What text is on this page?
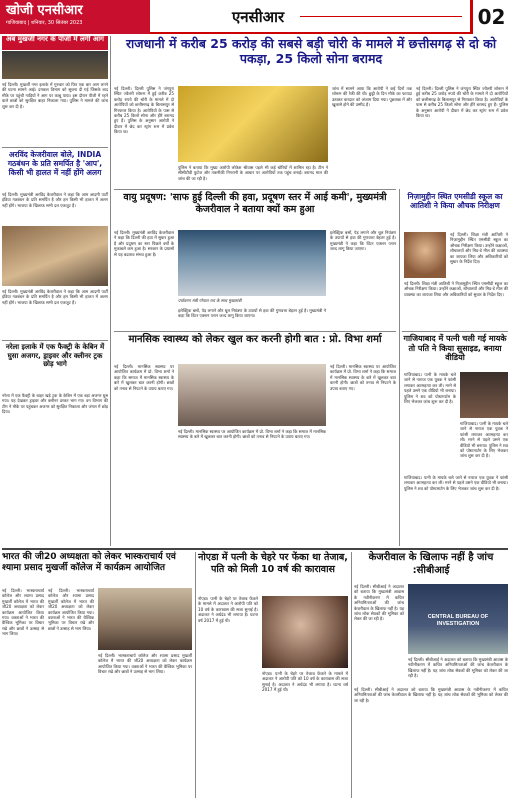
खोजी एनसीआर
गाजियाबाद | शनिवार, 30 सितंबर 2023	एनसीआर	02
अब मुखर्जी नगर के पीजी में लगी आग
नई दिल्ली। मुखर्जी नगर इलाके में गुरुवार को फिर एक बार आग लगने की घटना सामने आई। दमकल विभाग को सूचना दी गई जिसके बाद मौके पर पहुंची गाड़ियों ने आग पर काबू पाया। इस दौरान पीजी में रहने वाले छात्रों को सुरक्षित बाहर निकाला गया। पुलिस ने मामले की जांच शुरू कर दी है।
अरविंद केजरीवाल बोले, INDIA गठबंधन के प्रति समर्पित है 'आप', किसी भी हालत में नहीं होंगे अलग
नई दिल्ली। मुख्यमंत्री अरविंद केजरीवाल ने कहा कि आम आदमी पार्टी इंडिया गठबंधन के प्रति समर्पित है और हम किसी भी हालत में अलग नहीं होंगे। भाजपा के खिलाफ सभी दल एकजुट हैं।
नई दिल्ली। मुख्यमंत्री अरविंद केजरीवाल ने कहा कि आम आदमी पार्टी इंडिया गठबंधन के प्रति समर्पित है और हम किसी भी हालत में अलग नहीं होंगे। भाजपा के खिलाफ सभी दल एकजुट हैं।
नरेला इलाके में एक फैक्ट्री के केबिन में घुसा अजगर, ड्राइवर और क्लीनर ट्रक छोड़ भागे
नरेला में एक फैक्ट्री के बाहर खड़े ट्रक के केबिन में एक बड़ा अजगर घुस गया। यह देखकर ड्राइवर और क्लीनर डरकर भाग गए। वन विभाग की टीम ने मौके पर पहुंचकर अजगर को सुरक्षित निकाला और जंगल में छोड़ दिया।
राजधानी में करीब 25 करोड़ की सबसे बड़ी चोरी के मामले में छत्तीसगढ़ से दो को पकड़ा, 25 किलो सोना बरामद
नई दिल्ली। दिल्ली पुलिस ने जंगपुरा स्थित ज्वैलरी शोरूम में हुई करीब 25 करोड़ रुपये की चोरी के मामले में दो आरोपियों को छत्तीसगढ़ के बिलासपुर से गिरफ्तार किया है। आरोपियों के पास से करीब 25 किलो सोना और हीरे बरामद हुए हैं। पुलिस के अनुसार आरोपी ने दीवार में छेद कर स्ट्रांग रूम में प्रवेश किया था।
पुलिस ने बताया कि मुख्य आरोपी लोकेश श्रीवास पहले भी कई चोरियों में शामिल रहा है। टीम ने सीसीटीवी फुटेज और तकनीकी निगरानी के आधार पर आरोपियों तक पहुंच बनाई। बरामद माल की जांच की जा रही है।
जांच में सामने आया कि आरोपी ने कई दिनों तक शोरूम की रेकी की थी। छुट्टी के दिन मौके का फायदा उठाकर वारदात को अंजाम दिया गया। पूछताछ में और खुलासे होने की उम्मीद है।
नई दिल्ली। दिल्ली पुलिस ने जंगपुरा स्थित ज्वैलरी शोरूम में हुई करीब 25 करोड़ रुपये की चोरी के मामले में दो आरोपियों को छत्तीसगढ़ के बिलासपुर से गिरफ्तार किया है। आरोपियों के पास से करीब 25 किलो सोना और हीरे बरामद हुए हैं। पुलिस के अनुसार आरोपी ने दीवार में छेद कर स्ट्रांग रूम में प्रवेश किया था।
वायु प्रदूषण: 'साफ हुई दिल्ली की हवा, प्रदूषण स्तर में आई कमी', मुख्यमंत्री केजरीवाल ने बताया क्यों कम हुआ
नई दिल्ली। मुख्यमंत्री अरविंद केजरीवाल ने कहा कि दिल्ली की हवा में सुधार हुआ है और प्रदूषण का स्तर पिछले वर्षों के मुकाबले कम हुआ है। सरकार के प्रयासों से यह बदलाव संभव हुआ है।
पर्यावरण मंत्री गोपाल राय के साथ मुख्यमंत्री
इलेक्ट्रिक बसों, पेड़ लगाने और धूल नियंत्रण के उपायों से हवा की गुणवत्ता बेहतर हुई है। मुख्यमंत्री ने कहा कि विंटर एक्शन प्लान जल्द लागू किया जाएगा।
इलेक्ट्रिक बसों, पेड़ लगाने और धूल नियंत्रण के उपायों से हवा की गुणवत्ता बेहतर हुई है। मुख्यमंत्री ने कहा कि विंटर एक्शन प्लान जल्द लागू किया जाएगा।
मानसिक स्वास्थ्य को लेकर खुल कर करनी होगी बात : प्रो. विभा शर्मा
नई दिल्ली। मानसिक स्वास्थ्य पर आयोजित कार्यक्रम में प्रो. विभा शर्मा ने कहा कि समाज में मानसिक स्वास्थ्य के बारे में खुलकर बात करनी होगी। छात्रों को तनाव से निपटने के उपाय बताए गए।
नई दिल्ली। मानसिक स्वास्थ्य पर आयोजित कार्यक्रम में प्रो. विभा शर्मा ने कहा कि समाज में मानसिक स्वास्थ्य के बारे में खुलकर बात करनी होगी। छात्रों को तनाव से निपटने के उपाय बताए गए।
नई दिल्ली। मानसिक स्वास्थ्य पर आयोजित कार्यक्रम में प्रो. विभा शर्मा ने कहा कि समाज में मानसिक स्वास्थ्य के बारे में खुलकर बात करनी होगी। छात्रों को तनाव से निपटने के उपाय बताए गए।
निज़ामुद्दीन स्थित एमसीडी स्कूल का आतिशी ने किया औचक निरीक्षण
नई दिल्ली। शिक्षा मंत्री आतिशी ने निज़ामुद्दीन स्थित एमसीडी स्कूल का औचक निरीक्षण किया। उन्होंने कक्षाओं, शौचालयों और मिड-डे मील की व्यवस्था का जायजा लिया और अधिकारियों को सुधार के निर्देश दिए।
नई दिल्ली। शिक्षा मंत्री आतिशी ने निज़ामुद्दीन स्थित एमसीडी स्कूल का औचक निरीक्षण किया। उन्होंने कक्षाओं, शौचालयों और मिड-डे मील की व्यवस्था का जायजा लिया और अधिकारियों को सुधार के निर्देश दिए।
गाजियाबाद में पत्नी चली गई मायके तो पति ने किया सुसाइड, बनाया वीडियो
गाजियाबाद। पत्नी के मायके चले जाने से नाराज एक युवक ने फांसी लगाकर आत्महत्या कर ली। मरने से पहले उसने एक वीडियो भी बनाया। पुलिस ने शव को पोस्टमार्टम के लिए भेजकर जांच शुरू कर दी है।
गाजियाबाद। पत्नी के मायके चले जाने से नाराज एक युवक ने फांसी लगाकर आत्महत्या कर ली। मरने से पहले उसने एक वीडियो भी बनाया। पुलिस ने शव को पोस्टमार्टम के लिए भेजकर जांच शुरू कर दी है।
गाजियाबाद। पत्नी के मायके चले जाने से नाराज एक युवक ने फांसी लगाकर आत्महत्या कर ली। मरने से पहले उसने एक वीडियो भी बनाया। पुलिस ने शव को पोस्टमार्टम के लिए भेजकर जांच शुरू कर दी है।
भारत की जी20 अध्यक्षता को लेकर भास्कराचार्य एवं श्यामा प्रसाद मुखर्जी कॉलेज में कार्यक्रम आयोजित
नई दिल्ली। भास्कराचार्य कॉलेज और श्यामा प्रसाद मुखर्जी कॉलेज में भारत की जी20 अध्यक्षता को लेकर कार्यक्रम आयोजित किया गया। वक्ताओं ने भारत की वैश्विक भूमिका पर विचार रखे और छात्रों ने उत्साह से भाग लिया।
नई दिल्ली। भास्कराचार्य कॉलेज और श्यामा प्रसाद मुखर्जी कॉलेज में भारत की जी20 अध्यक्षता को लेकर कार्यक्रम आयोजित किया गया। वक्ताओं ने भारत की वैश्विक भूमिका पर विचार रखे और छात्रों ने उत्साह से भाग लिया।
नई दिल्ली। भास्कराचार्य कॉलेज और श्यामा प्रसाद मुखर्जी कॉलेज में भारत की जी20 अध्यक्षता को लेकर कार्यक्रम आयोजित किया गया। वक्ताओं ने भारत की वैश्विक भूमिका पर विचार रखे और छात्रों ने उत्साह से भाग लिया।
नोएडा में पत्नी के चेहरे पर फेंका था तेजाब, पति को मिली 10 वर्ष की कारावास
नोएडा। पत्नी के चेहरे पर तेजाब फेंकने के मामले में अदालत ने आरोपी पति को 10 वर्ष के कारावास की सजा सुनाई है। अदालत ने अर्थदंड भी लगाया है। घटना वर्ष 2017 में हुई थी।
नोएडा। पत्नी के चेहरे पर तेजाब फेंकने के मामले में अदालत ने आरोपी पति को 10 वर्ष के कारावास की सजा सुनाई है। अदालत ने अर्थदंड भी लगाया है। घटना वर्ष 2017 में हुई थी।
केजरीवाल के खिलाफ नहीं है जांच :सीबीआई
नई दिल्ली। सीबीआई ने अदालत को बताया कि मुख्यमंत्री आवास के नवीनीकरण में कथित अनियमितताओं की जांच केजरीवाल के खिलाफ नहीं है। यह जांच लोक सेवकों की भूमिका को लेकर की जा रही है।	CENTRAL BUREAU OF INVESTIGATION
नई दिल्ली। सीबीआई ने अदालत को बताया कि मुख्यमंत्री आवास के नवीनीकरण में कथित अनियमितताओं की जांच केजरीवाल के खिलाफ नहीं है। यह जांच लोक सेवकों की भूमिका को लेकर की जा रही है।
नई दिल्ली। सीबीआई ने अदालत को बताया कि मुख्यमंत्री आवास के नवीनीकरण में कथित अनियमितताओं की जांच केजरीवाल के खिलाफ नहीं है। यह जांच लोक सेवकों की भूमिका को लेकर की जा रही है।
